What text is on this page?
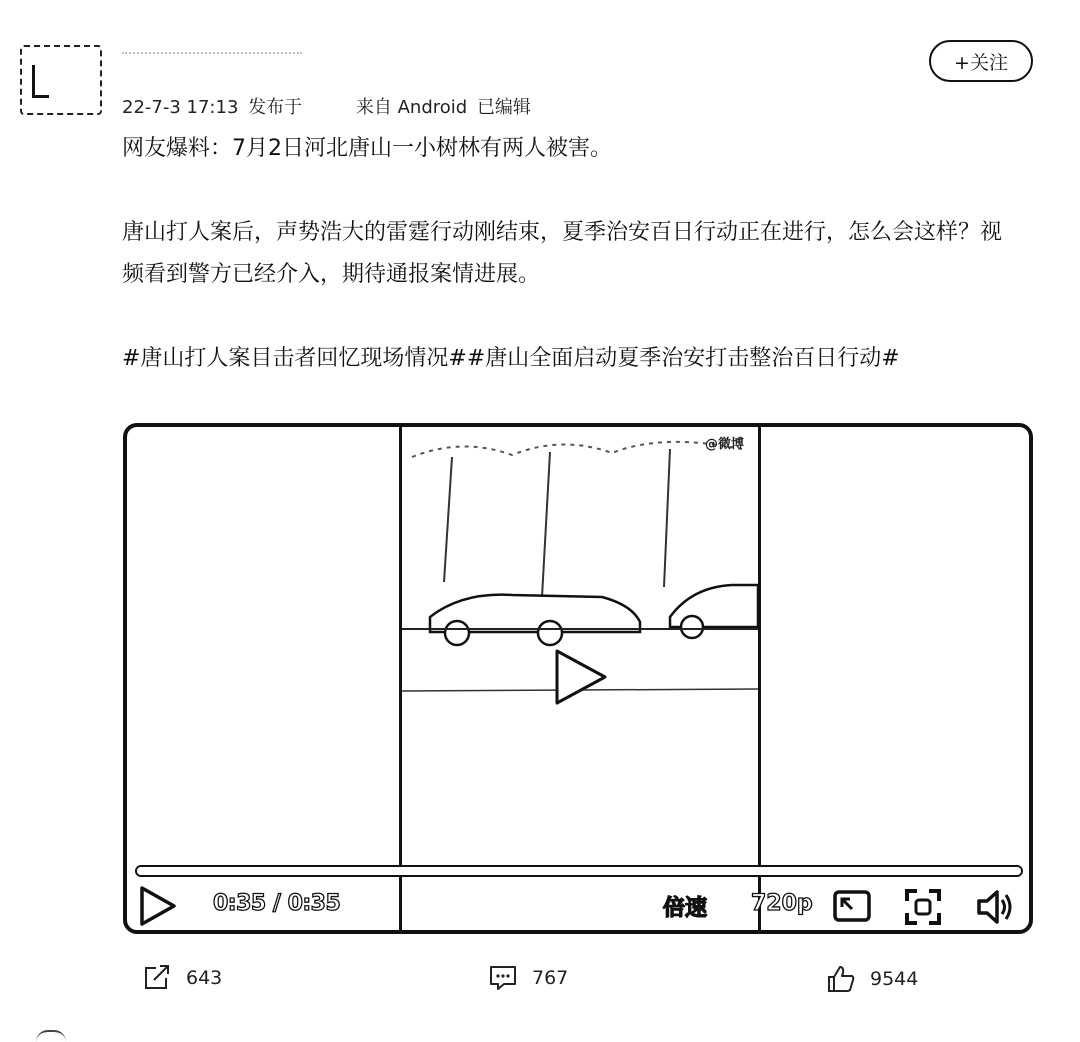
22-7-3 17:13 发布于	来自 Android 已编辑
+关注

网友爆料：7月2日河北唐山一小树林有两人被害。

唐山打人案后，声势浩大的雷霆行动刚结束，夏季治安百日行动正在进行，怎么会这样？视频看到警方已经介入，期待通报案情进展。

#唐山打人案目击者回忆现场情况##唐山全面启动夏季治安打击整治百日行动#

@微博
0:35 / 0:35	倍速 720p
643	767	9544
